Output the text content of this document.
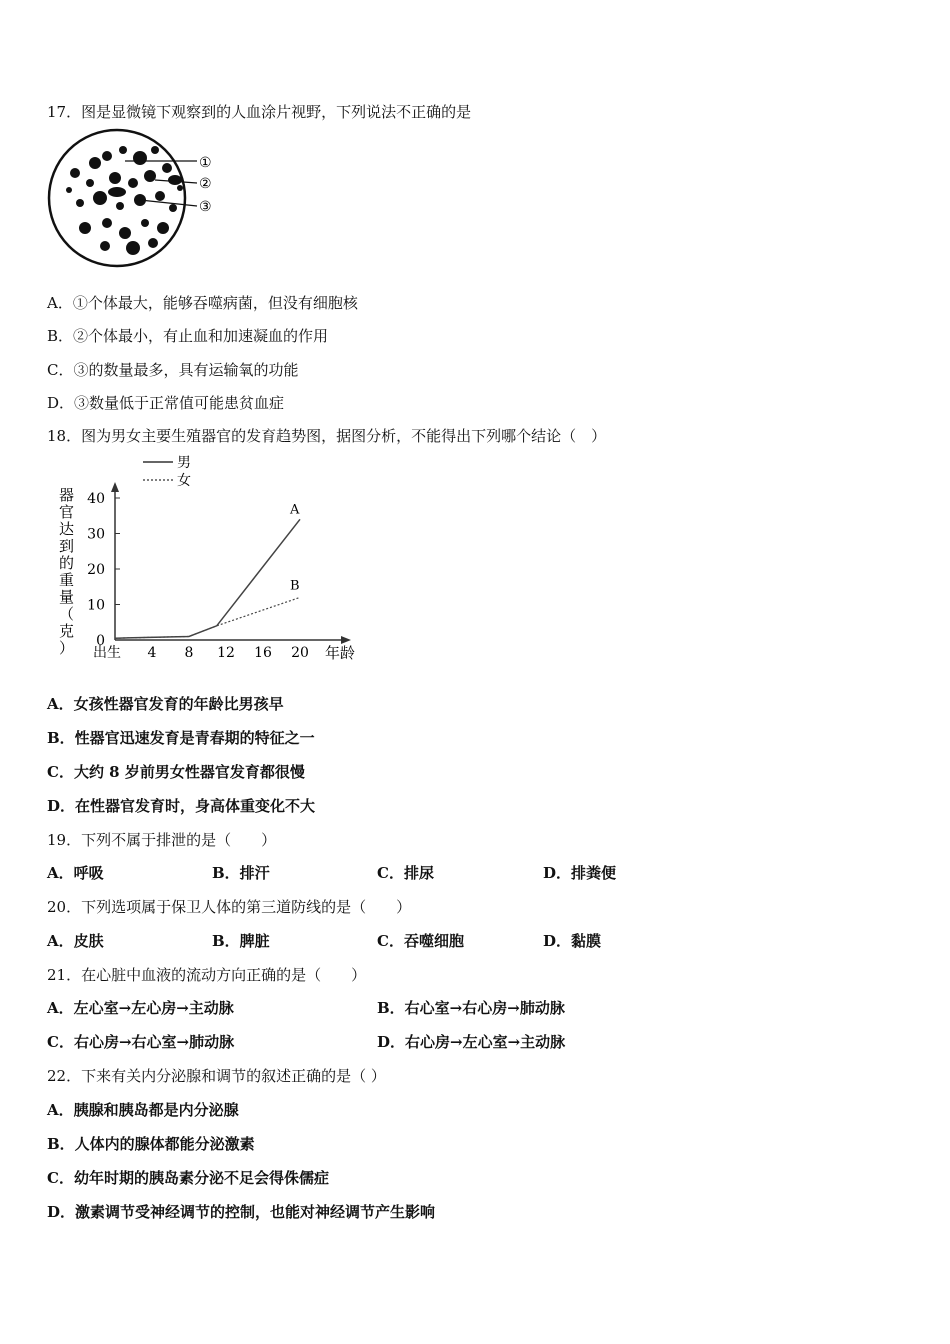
17．图是显微镜下观察到的人血涂片视野，下列说法不正确的是
①
②
③
A．①个体最大，能够吞噬病菌，但没有细胞核
B．②个体最小，有止血和加速凝血的作用
C．③的数量最多，具有运输氧的功能
D．③数量低于正常值可能患贫血症
18．图为男女主要生殖器官的发育趋势图，据图分析，不能得出下列哪个结论（　）
男
女
器
官
达
到
的
重
量
（
克
） 0
10
20
30
40
出生 4 8 12 16 20 年龄
A
B
A．女孩性器官发育的年龄比男孩早
B．性器官迅速发育是青春期的特征之一
C．大约 8 岁前男女性器官发育都很慢
D．在性器官发育时，身高体重变化不大
19．下列不属于排泄的是（　　）
A．呼吸	B．排汗	C．排尿	D．排粪便
20．下列选项属于保卫人体的第三道防线的是（　　）
A．皮肤	B．脾脏	C．吞噬细胞	D．黏膜
21．在心脏中血液的流动方向正确的是（　　）
A．左心室→左心房→主动脉	B．右心室→右心房→肺动脉
C．右心房→右心室→肺动脉	D．右心房→左心室→主动脉
22．下来有关内分泌腺和调节的叙述正确的是（ ）
A．胰腺和胰岛都是内分泌腺
B．人体内的腺体都能分泌激素
C．幼年时期的胰岛素分泌不足会得侏儒症
D．激素调节受神经调节的控制，也能对神经调节产生影响
